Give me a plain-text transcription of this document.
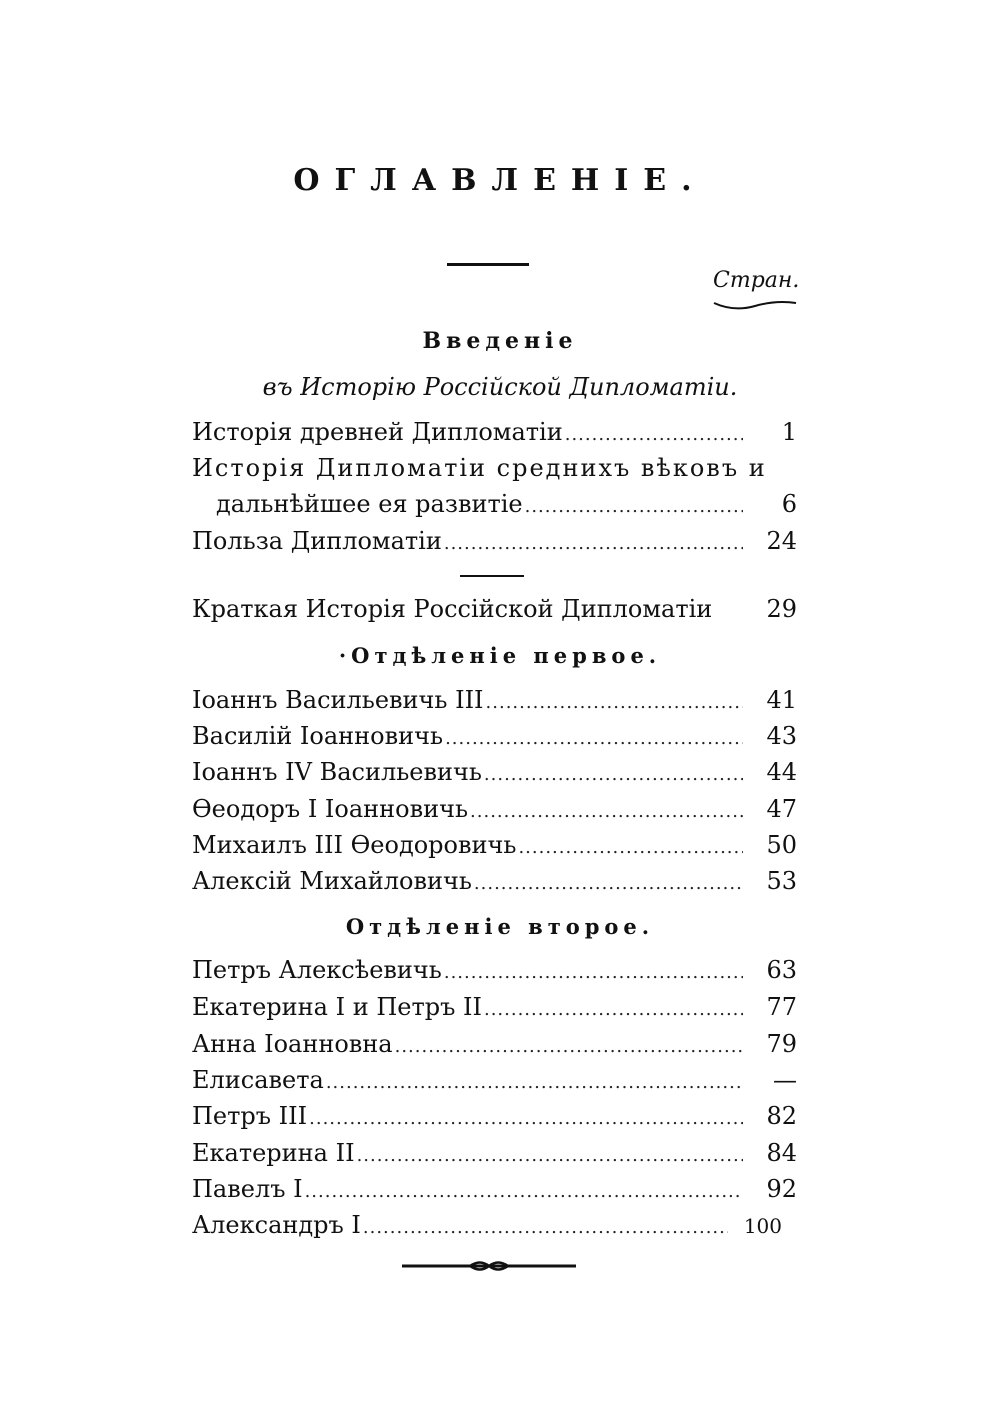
ОГЛАВЛЕНІЕ.
Стран.
Введеніе
въ Исторію Россійской Дипломатіи.
Исторія древней Дипломатіи .....	1
Исторія Дипломатіи среднихъ вѣковъ и
дальнѣйшее ея развитіе .....	6
Польза Дипломатіи .....	24
Краткая Исторія Россійской Дипломатіи	29
·Отдѣленіе первое.
Іоаннъ Васильевичь III .....	41
Василій Іоанновичь .....	43
Іоаннъ IV Васильевичь .....	44
Ѳеодоръ I Іоанновичь .....	47
Михаилъ III Ѳеодоровичь .....	50
Алексій Михайловичь .....	53
Отдѣленіе второе.
Петръ Алексѣевичь .....	63
Екатерина I и Петръ II .....	77
Анна Іоанновна .....	79
Елисавета .....	—
Петръ III .....	82
Екатерина II .....	84
Павелъ I .....	92
Александръ I .....	100
